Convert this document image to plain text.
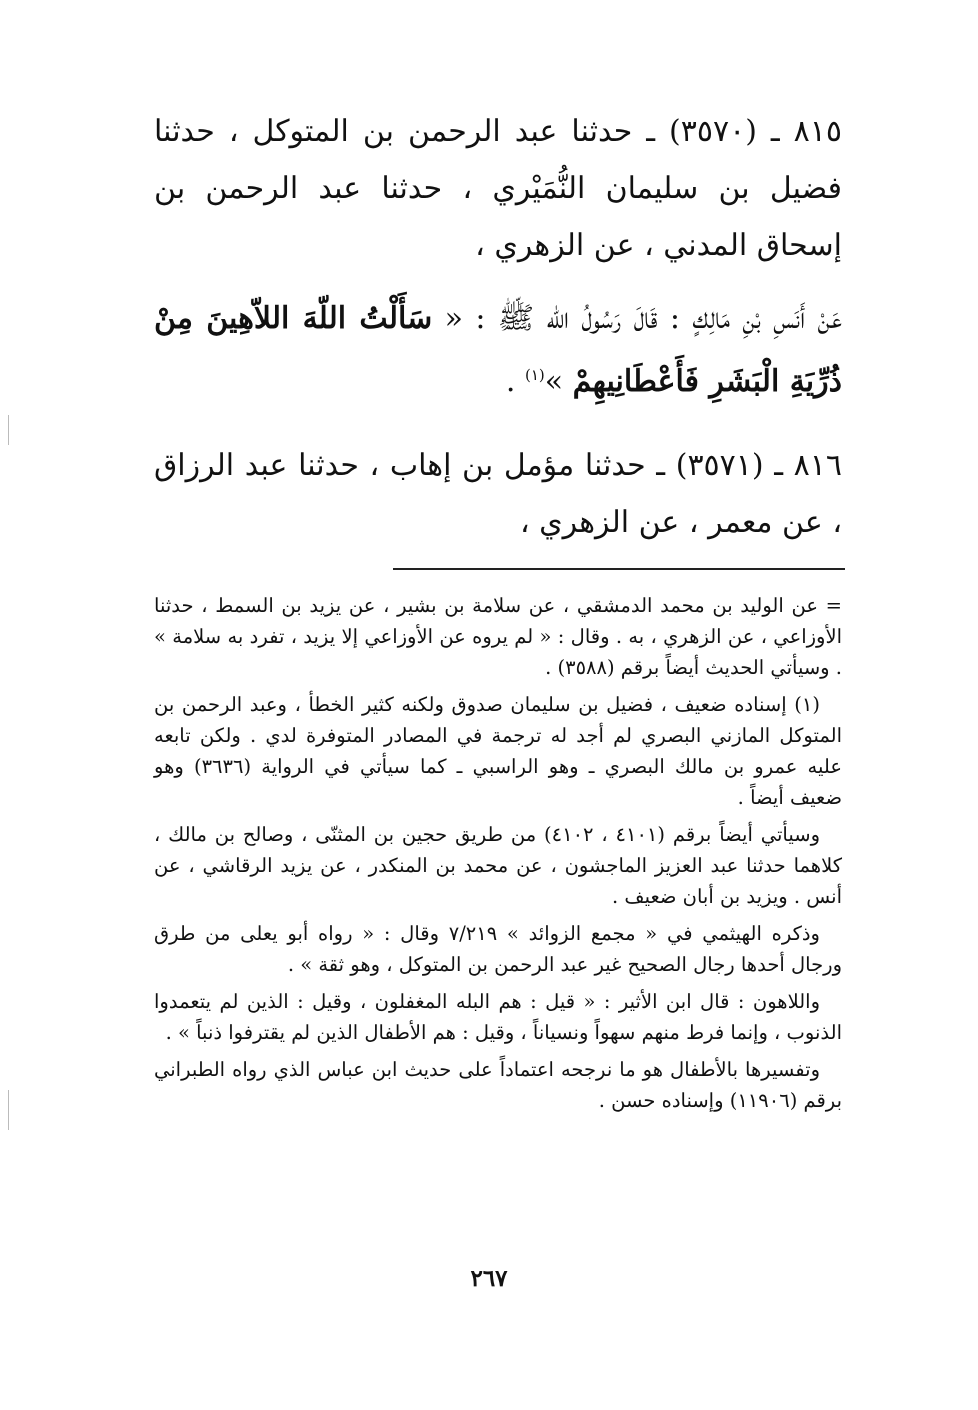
٨١٥ ـ (٣٥٧٠) ـ حدثنا عبد الرحمن بن المتوكل ، حدثنا فضيل بن سليمان النُّمَيْري ، حدثنا عبد الرحمن بن إسحاق المدني ، عن الزهري ،
عَنْ أَنَسِ بْنِ مَالِكٍ : قَالَ رَسُولُ الله ﷺ : « سَأَلْتُ اللّهَ اللاّهِينَ مِنْ ذُرِّيَةِ الْبَشَرِ فَأَعْطَانِيهِمْ »$^{(١)}$ .
٨١٦ ـ (٣٥٧١) ـ حدثنا مؤمل بن إهاب ، حدثنا عبد الرزاق ، عن معمر ، عن الزهري ،

= عن الوليد بن محمد الدمشقي ، عن سلامة بن بشير ، عن يزيد بن السمط ، حدثنا الأوزاعي ، عن الزهري ، به . وقال : « لم يروه عن الأوزاعي إلا يزيد ، تفرد به سلامة » . وسيأتي الحديث أيضاً برقم (٣٥٨٨) .

(١) إسناده ضعيف ، فضيل بن سليمان صدوق ولكنه كثير الخطأ ، وعبد الرحمن بن المتوكل المازني البصري لم أجد له ترجمة في المصادر المتوفرة لدي . ولكن تابعه عليه عمرو بن مالك البصري ـ وهو الراسبي ـ كما سيأتي في الرواية (٣٦٣٦) وهو ضعيف أيضاً .

وسيأتي أيضاً برقم (٤١٠١ ، ٤١٠٢) من طريق حجين بن المثنّى ، وصالح بن مالك ، كلاهما حدثنا عبد العزيز الماجشون ، عن محمد بن المنكدر ، عن يزيد الرقاشي ، عن أنس . ويزيد بن أبان ضعيف .

وذكره الهيثمي في « مجمع الزوائد » ٧/٢١٩ وقال : « رواه أبو يعلى من طرق ورجال أحدها رجال الصحيح غير عبد الرحمن بن المتوكل ، وهو ثقة » .

واللاهون : قال ابن الأثير : « قيل : هم البله المغفلون ، وقيل : الذين لم يتعمدوا الذنوب ، وإنما فرط منهم سهواً ونسياناً ، وقيل : هم الأطفال الذين لم يقترفوا ذنباً » .

وتفسيرها بالأطفال هو ما نرجحه اعتماداً على حديث ابن عباس الذي رواه الطبراني برقم (١١٩٠٦) وإسناده حسن .

٢٦٧
